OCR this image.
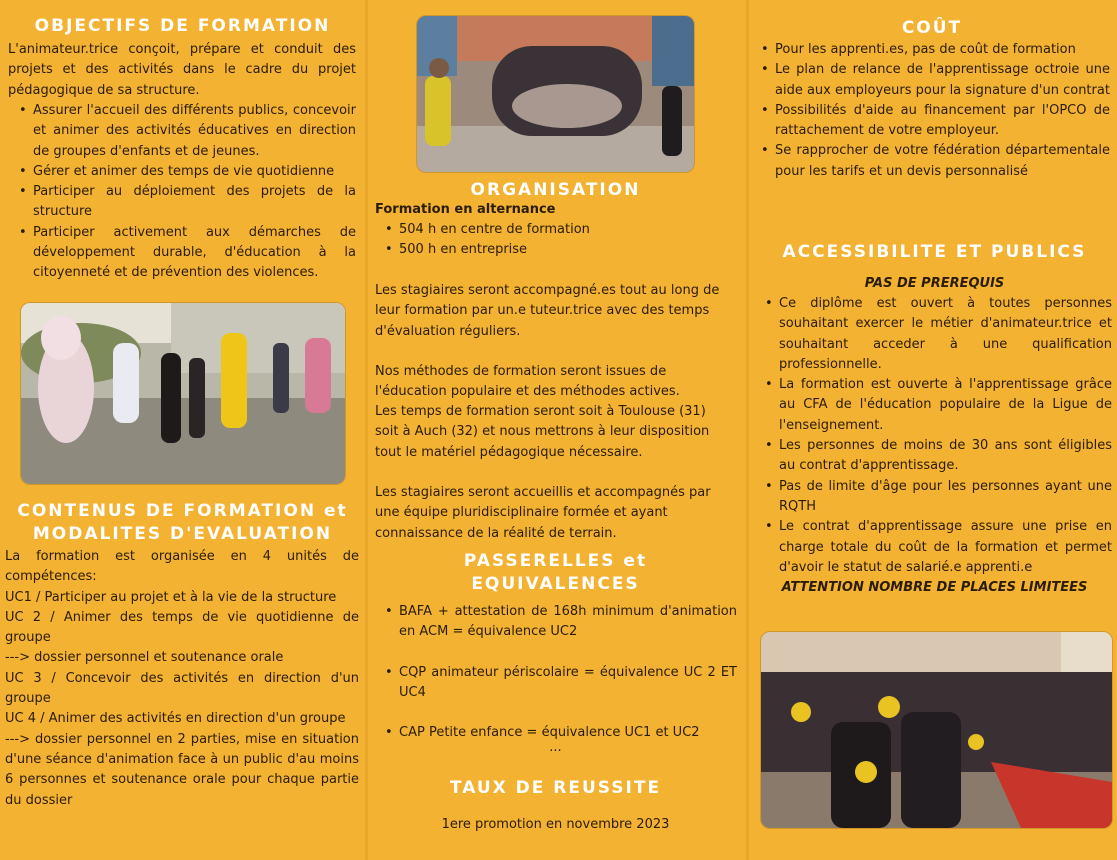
OBJECTIFS DE FORMATION

L'animateur.trice conçoit, prépare et conduit des projets et des activités dans le cadre du projet pédagogique de sa structure.

• Assurer l'accueil des différents publics, concevoir et animer des activités éducatives en direction de groupes d'enfants et de jeunes.
• Gérer et animer des temps de vie quotidienne
• Participer au déploiement des projets de la structure
• Participer activement aux démarches de développement durable, d'éducation à la citoyenneté et de prévention des violences.
CONTENUS DE FORMATION et
MODALITES D'EVALUATION

La formation est organisée en 4 unités de compétences:

UC1 / Participer au projet et à la vie de la structure

UC 2 / Animer des temps de vie quotidienne de groupe

---> dossier personnel et soutenance orale

UC 3 / Concevoir des activités en direction d'un groupe

UC 4 / Animer des activités en direction d'un groupe

---> dossier personnel en 2 parties, mise en situation d'une séance d'animation face à un public d'au moins 6 personnes et soutenance orale pour chaque partie du dossier

ORGANISATION

Formation en alternance

• 504 h en centre de formation
• 500 h en entreprise

Les stagiaires seront accompagné.es tout au long de leur formation par un.e tuteur.trice avec des temps d'évaluation réguliers.

Nos méthodes de formation seront issues de l'éducation populaire et des méthodes actives.

Les temps de formation seront soit à Toulouse (31) soit à Auch (32) et nous mettrons à leur disposition tout le matériel pédagogique nécessaire.

Les stagiaires seront accueillis et accompagnés par une équipe pluridisciplinaire formée et ayant connaissance de la réalité de terrain.

PASSERELLES et
EQUIVALENCES
• BAFA + attestation de 168h minimum d'animation en ACM = équivalence UC2
• CQP animateur périscolaire = équivalence UC 2 ET UC4
• CAP Petite enfance = équivalence UC1 et UC2

...

TAUX DE REUSSITE

1ere promotion en novembre 2023

COÛT
• Pour les apprenti.es, pas de coût de formation
• Le plan de relance de l'apprentissage octroie une aide aux employeurs pour la signature d'un contrat
• Possibilités d'aide au financement par l'OPCO de rattachement de votre employeur.
• Se rapprocher de votre fédération départementale pour les tarifs et un devis personnalisé
ACCESSIBILITE ET PUBLICS

PAS DE PREREQUIS

• Ce diplôme est ouvert à toutes personnes souhaitant exercer le métier d'animateur.trice et souhaitant acceder à une qualification professionnelle.
• La formation est ouverte à l'apprentissage grâce au CFA de l'éducation populaire de la Ligue de l'enseignement.
• Les personnes de moins de 30 ans sont éligibles au contrat d'apprentissage.
• Pas de limite d'âge pour les personnes ayant une RQTH
• Le contrat d'apprentissage assure une prise en charge totale du coût de la formation et permet d'avoir le statut de salarié.e apprenti.e

ATTENTION NOMBRE DE PLACES LIMITEES
